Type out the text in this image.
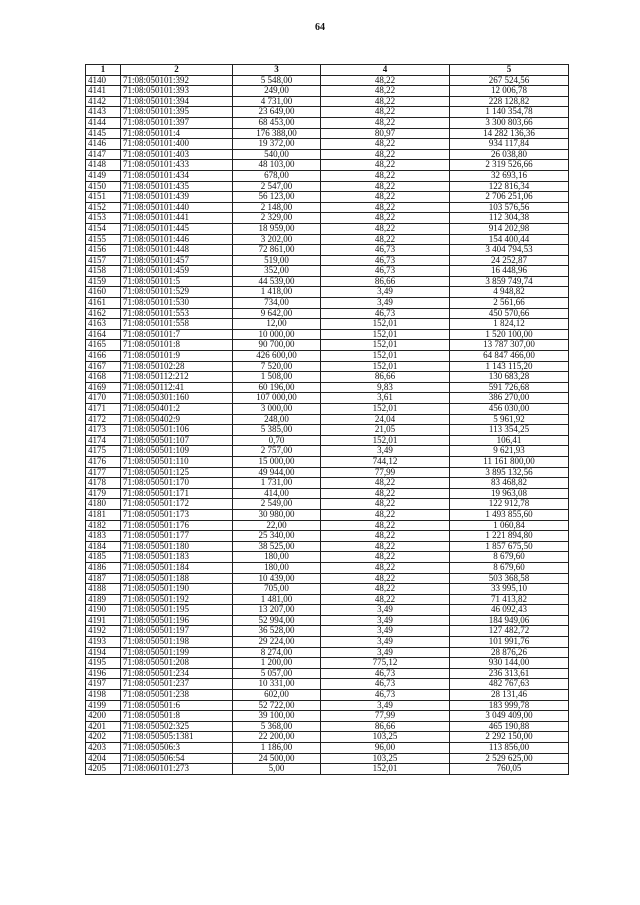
64
1	2	3	4	5
4140	71:08:050101:392	5 548,00	48,22	267 524,56
4141	71:08:050101:393	249,00	48,22	12 006,78
4142	71:08:050101:394	4 731,00	48,22	228 128,82
4143	71:08:050101:395	23 649,00	48,22	1 140 354,78
4144	71:08:050101:397	68 453,00	48,22	3 300 803,66
4145	71:08:050101:4	176 388,00	80,97	14 282 136,36
4146	71:08:050101:400	19 372,00	48,22	934 117,84
4147	71:08:050101:403	540,00	48,22	26 038,80
4148	71:08:050101:433	48 103,00	48,22	2 319 526,66
4149	71:08:050101:434	678,00	48,22	32 693,16
4150	71:08:050101:435	2 547,00	48,22	122 816,34
4151	71:08:050101:439	56 123,00	48,22	2 706 251,06
4152	71:08:050101:440	2 148,00	48,22	103 576,56
4153	71:08:050101:441	2 329,00	48,22	112 304,38
4154	71:08:050101:445	18 959,00	48,22	914 202,98
4155	71:08:050101:446	3 202,00	48,22	154 400,44
4156	71:08:050101:448	72 861,00	46,73	3 404 794,53
4157	71:08:050101:457	519,00	46,73	24 252,87
4158	71:08:050101:459	352,00	46,73	16 448,96
4159	71:08:050101:5	44 539,00	86,66	3 859 749,74
4160	71:08:050101:529	1 418,00	3,49	4 948,82
4161	71:08:050101:530	734,00	3,49	2 561,66
4162	71:08:050101:553	9 642,00	46,73	450 570,66
4163	71:08:050101:558	12,00	152,01	1 824,12
4164	71:08:050101:7	10 000,00	152,01	1 520 100,00
4165	71:08:050101:8	90 700,00	152,01	13 787 307,00
4166	71:08:050101:9	426 600,00	152,01	64 847 466,00
4167	71:08:050102:28	7 520,00	152,01	1 143 115,20
4168	71:08:050112:212	1 508,00	86,66	130 683,28
4169	71:08:050112:41	60 196,00	9,83	591 726,68
4170	71:08:050301:160	107 000,00	3,61	386 270,00
4171	71:08:050401:2	3 000,00	152,01	456 030,00
4172	71:08:050402:9	248,00	24,04	5 961,92
4173	71:08:050501:106	5 385,00	21,05	113 354,25
4174	71:08:050501:107	0,70	152,01	106,41
4175	71:08:050501:109	2 757,00	3,49	9 621,93
4176	71:08:050501:110	15 000,00	744,12	11 161 800,00
4177	71:08:050501:125	49 944,00	77,99	3 895 132,56
4178	71:08:050501:170	1 731,00	48,22	83 468,82
4179	71:08:050501:171	414,00	48,22	19 963,08
4180	71:08:050501:172	2 549,00	48,22	122 912,78
4181	71:08:050501:173	30 980,00	48,22	1 493 855,60
4182	71:08:050501:176	22,00	48,22	1 060,84
4183	71:08:050501:177	25 340,00	48,22	1 221 894,80
4184	71:08:050501:180	38 525,00	48,22	1 857 675,50
4185	71:08:050501:183	180,00	48,22	8 679,60
4186	71:08:050501:184	180,00	48,22	8 679,60
4187	71:08:050501:188	10 439,00	48,22	503 368,58
4188	71:08:050501:190	705,00	48,22	33 995,10
4189	71:08:050501:192	1 481,00	48,22	71 413,82
4190	71:08:050501:195	13 207,00	3,49	46 092,43
4191	71:08:050501:196	52 994,00	3,49	184 949,06
4192	71:08:050501:197	36 528,00	3,49	127 482,72
4193	71:08:050501:198	29 224,00	3,49	101 991,76
4194	71:08:050501:199	8 274,00	3,49	28 876,26
4195	71:08:050501:208	1 200,00	775,12	930 144,00
4196	71:08:050501:234	5 057,00	46,73	236 313,61
4197	71:08:050501:237	10 331,00	46,73	482 767,63
4198	71:08:050501:238	602,00	46,73	28 131,46
4199	71:08:050501:6	52 722,00	3,49	183 999,78
4200	71:08:050501:8	39 100,00	77,99	3 049 409,00
4201	71:08:050502:325	5 368,00	86,66	465 190,88
4202	71:08:050505:1381	22 200,00	103,25	2 292 150,00
4203	71:08:050506:3	1 186,00	96,00	113 856,00
4204	71:08:050506:54	24 500,00	103,25	2 529 625,00
4205	71:08:060101:273	5,00	152,01	760,05
